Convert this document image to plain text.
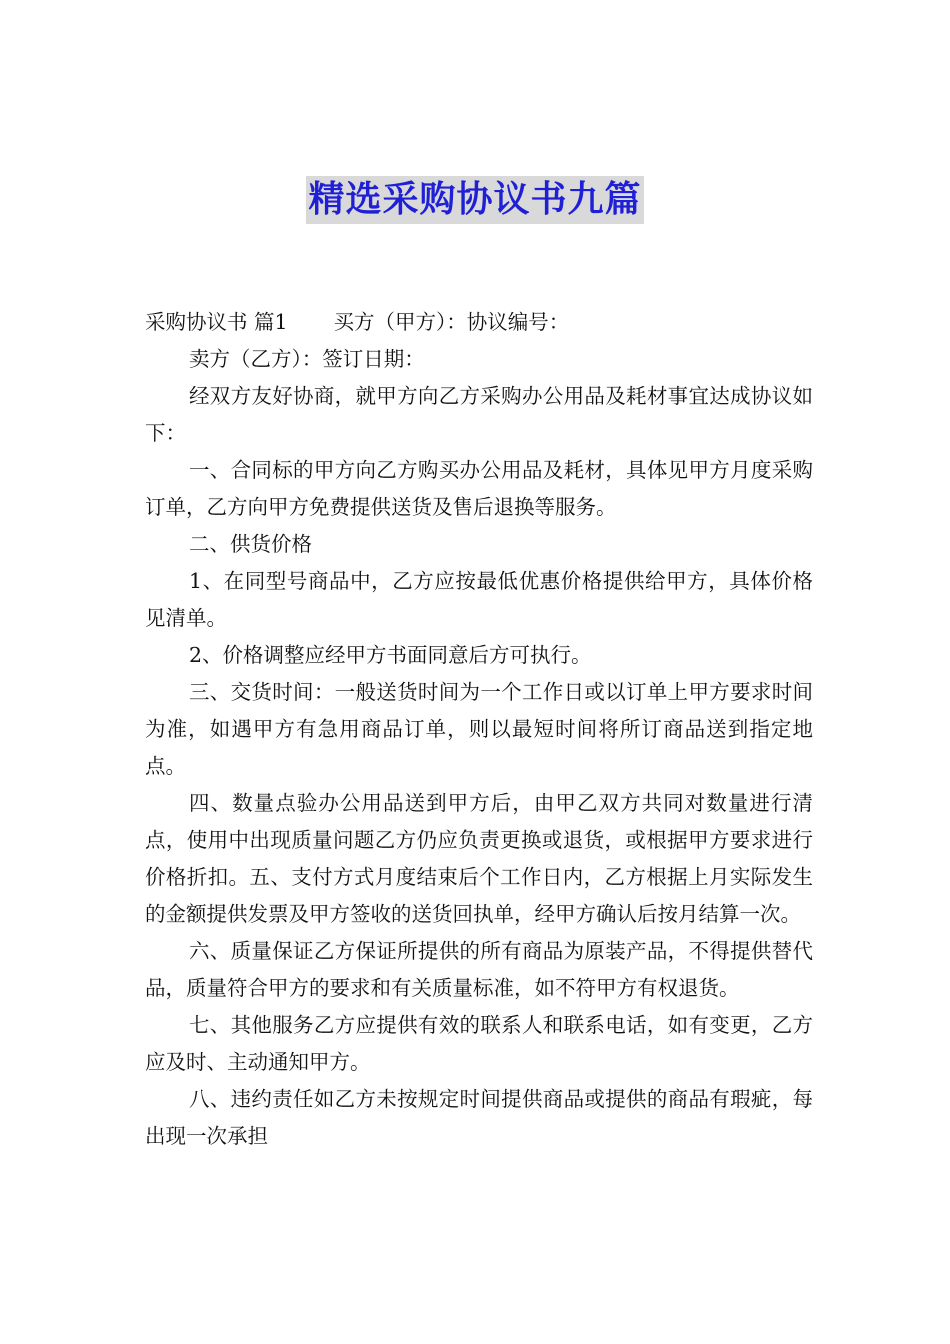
精选采购协议书九篇

采购协议书 篇1 买方（甲方）：协议编号：

卖方（乙方）：签订日期：

经双方友好协商，就甲方向乙方采购办公用品及耗材事宜达成协议如下：

一、合同标的甲方向乙方购买办公用品及耗材，具体见甲方月度采购订单，乙方向甲方免费提供送货及售后退换等服务。

二、供货价格

1、在同型号商品中，乙方应按最低优惠价格提供给甲方，具体价格见清单。

2、价格调整应经甲方书面同意后方可执行。

三、交货时间：一般送货时间为一个工作日或以订单上甲方要求时间为准，如遇甲方有急用商品订单，则以最短时间将所订商品送到指定地点。

四、数量点验办公用品送到甲方后，由甲乙双方共同对数量进行清点，使用中出现质量问题乙方仍应负责更换或退货，或根据甲方要求进行价格折扣。五、支付方式月度结束后个工作日内，乙方根据上月实际发生的金额提供发票及甲方签收的送货回执单，经甲方确认后按月结算一次。

六、质量保证乙方保证所提供的所有商品为原装产品，不得提供替代品，质量符合甲方的要求和有关质量标准，如不符甲方有权退货。

七、其他服务乙方应提供有效的联系人和联系电话，如有变更，乙方应及时、主动通知甲方。

八、违约责任如乙方未按规定时间提供商品或提供的商品有瑕疵，每出现一次承担
